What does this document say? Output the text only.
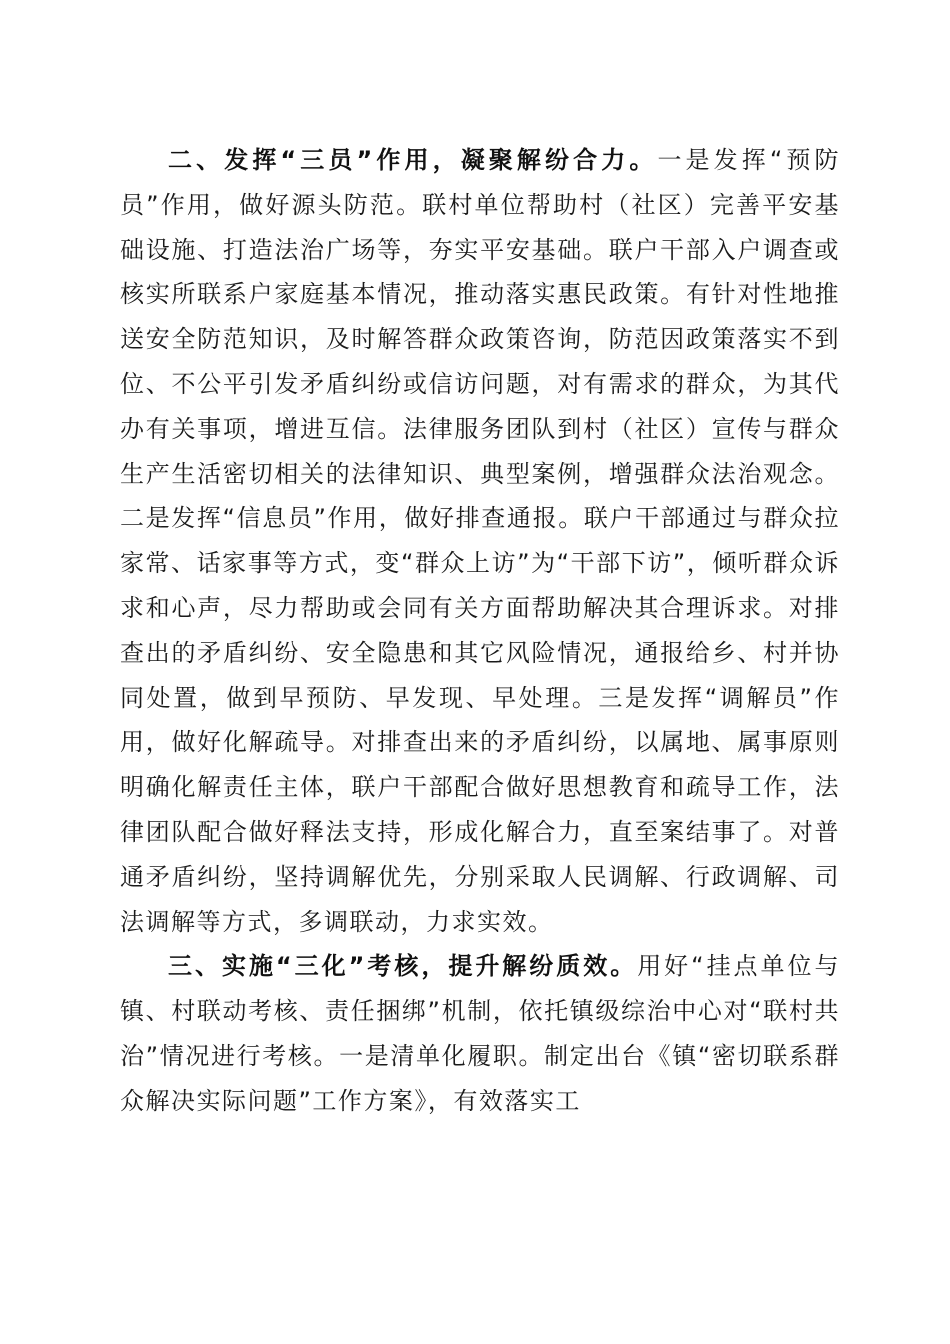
二、发挥“三员”作用，凝聚解纷合力。一是发挥“预防员”作用，做好源头防范。联村单位帮助村（社区）完善平安基础设施、打造法治广场等，夯实平安基础。联户干部入户调查或核实所联系户家庭基本情况，推动落实惠民政策。有针对性地推送安全防范知识，及时解答群众政策咨询，防范因政策落实不到位、不公平引发矛盾纠纷或信访问题，对有需求的群众，为其代办有关事项，增进互信。法律服务团队到村（社区）宣传与群众生产生活密切相关的法律知识、典型案例，增强群众法治观念。二是发挥“信息员”作用，做好排查通报。联户干部通过与群众拉家常、话家事等方式，变“群众上访”为“干部下访”，倾听群众诉求和心声，尽力帮助或会同有关方面帮助解决其合理诉求。对排查出的矛盾纠纷、安全隐患和其它风险情况，通报给乡、村并协同处置，做到早预防、早发现、早处理。三是发挥“调解员”作用，做好化解疏导。对排查出来的矛盾纠纷，以属地、属事原则明确化解责任主体，联户干部配合做好思想教育和疏导工作，法律团队配合做好释法支持，形成化解合力，直至案结事了。对普通矛盾纠纷，坚持调解优先，分别采取人民调解、行政调解、司法调解等方式，多调联动，力求实效。

三、实施“三化”考核，提升解纷质效。用好“挂点单位与镇、村联动考核、责任捆绑”机制，依托镇级综治中心对“联村共治”情况进行考核。一是清单化履职。制定出台《镇“密切联系群众解决实际问题”工作方案》，有效落实工
